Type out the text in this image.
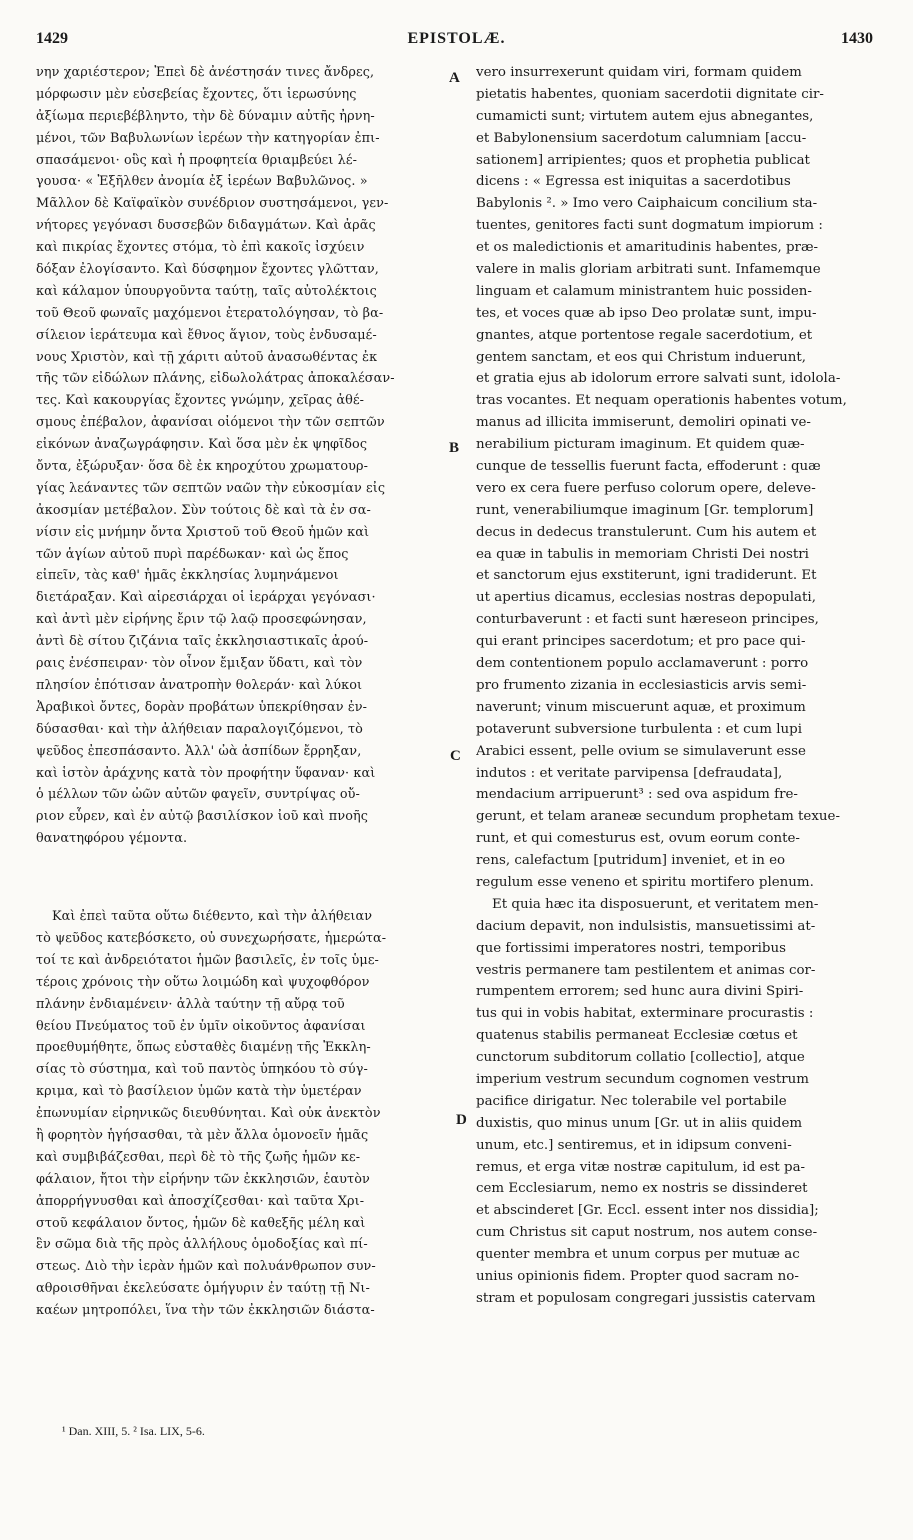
1429	EPISTOLÆ.	1430
A
B
C
D
νην χαριέστερον; Ἐπεὶ δὲ ἀνέστησάν τινες ἄνδρες,
μόρφωσιν μὲν εὐσεβείας ἔχοντες, ὅτι ἱερωσύνης
ἀξίωμα περιεβέβληντο, τὴν δὲ δύναμιν αὐτῆς ἠρνη-
μένοι, τῶν Βαβυλωνίων ἱερέων τὴν κατηγορίαν ἐπι-
σπασάμενοι· οὓς καὶ ἡ προφητεία θριαμβεύει λέ-
γουσα· « Ἐξῆλθεν ἀνομία ἐξ ἱερέων Βαβυλῶνος. »
Μᾶλλον δὲ Καϊφαϊκὸν συνέδριον συστησάμενοι, γεν-
νήτορες γεγόνασι δυσσεβῶν διδαγμάτων. Καὶ ἀρᾶς
καὶ πικρίας ἔχοντες στόμα, τὸ ἐπὶ κακοῖς ἰσχύειν
δόξαν ἐλογίσαντο. Καὶ δύσφημον ἔχοντες γλῶτταν,
καὶ κάλαμον ὑπουργοῦντα ταύτῃ, ταῖς αὐτολέκτοις
τοῦ Θεοῦ φωναῖς μαχόμενοι ἐτερατολόγησαν, τὸ βα-
σίλειον ἱεράτευμα καὶ ἔθνος ἅγιον, τοὺς ἐνδυσαμέ-
νους Χριστὸν, καὶ τῇ χάριτι αὐτοῦ ἀνασωθέντας ἐκ
τῆς τῶν εἰδώλων πλάνης, εἰδωλολάτρας ἀποκαλέσαν-
τες. Καὶ κακουργίας ἔχοντες γνώμην, χεῖρας ἀθέ-
σμους ἐπέβαλον, ἀφανίσαι οἰόμενοι τὴν τῶν σεπτῶν
εἰκόνων ἀναζωγράφησιν. Καὶ ὅσα μὲν ἐκ ψηφῖδος
ὄντα, ἐξώρυξαν· ὅσα δὲ ἐκ κηροχύτου χρωματουρ-
γίας λεάναντες τῶν σεπτῶν ναῶν τὴν εὐκοσμίαν εἰς
ἀκοσμίαν μετέβαλον. Σὺν τούτοις δὲ καὶ τὰ ἐν σα-
νίσιν εἰς μνήμην ὄντα Χριστοῦ τοῦ Θεοῦ ἡμῶν καὶ
τῶν ἁγίων αὐτοῦ πυρὶ παρέδωκαν· καὶ ὡς ἔπος
εἰπεῖν, τὰς καθ' ἡμᾶς ἐκκλησίας λυμηνάμενοι
διετάραξαν. Καὶ αἱρεσιάρχαι οἱ ἱεράρχαι γεγόνασι·
καὶ ἀντὶ μὲν εἰρήνης ἔριν τῷ λαῷ προσεφώνησαν,
ἀντὶ δὲ σίτου ζιζάνια ταῖς ἐκκλησιαστικαῖς ἀρού-
ραις ἐνέσπειραν· τὸν οἶνον ἔμιξαν ὕδατι, καὶ τὸν
πλησίον ἐπότισαν ἀνατροπὴν θολεράν· καὶ λύκοι
Ἀραβικοὶ ὄντες, δορὰν προβάτων ὑπεκρίθησαν ἐν-
δύσασθαι· καὶ τὴν ἀλήθειαν παραλογιζόμενοι, τὸ
ψεῦδος ἐπεσπάσαντο. Ἀλλ' ὠὰ ἀσπίδων ἔρρηξαν,
καὶ ἱστὸν ἀράχνης κατὰ τὸν προφήτην ὕφαναν· καὶ
ὁ μέλλων τῶν ὠῶν αὐτῶν φαγεῖν, συντρίψας οὔ-
ριον εὗρεν, καὶ ἐν αὐτῷ βασιλίσκον ἰοῦ καὶ πνοῆς
θανατηφόρου γέμοντα.
Καὶ ἐπεὶ ταῦτα οὕτω διέθεντο, καὶ τὴν ἀλήθειαν
τὸ ψεῦδος κατεβόσκετο, οὐ συνεχωρήσατε, ἡμερώτα-
τοί τε καὶ ἀνδρειότατοι ἡμῶν βασιλεῖς, ἐν τοῖς ὑμε-
τέροις χρόνοις τὴν οὕτω λοιμώδη καὶ ψυχοφθόρον
πλάνην ἐνδιαμένειν· ἀλλὰ ταύτην τῇ αὔρᾳ τοῦ
θείου Πνεύματος τοῦ ἐν ὑμῖν οἰκοῦντος ἀφανίσαι
προεθυμήθητε, ὅπως εὐσταθὲς διαμένῃ τῆς Ἐκκλη-
σίας τὸ σύστημα, καὶ τοῦ παντὸς ὑπηκόου τὸ σύγ-
κριμα, καὶ τὸ βασίλειον ὑμῶν κατὰ τὴν ὑμετέραν
ἐπωνυμίαν εἰρηνικῶς διευθύνηται. Καὶ οὐκ ἀνεκτὸν
ἢ φορητὸν ἡγήσασθαι, τὰ μὲν ἄλλα ὁμονοεῖν ἡμᾶς
καὶ συμβιβάζεσθαι, περὶ δὲ τὸ τῆς ζωῆς ἡμῶν κε-
φάλαιον, ἤτοι τὴν εἰρήνην τῶν ἐκκλησιῶν, ἑαυτὸν
ἀπορρήγνυσθαι καὶ ἀποσχίζεσθαι· καὶ ταῦτα Χρι-
στοῦ κεφάλαιον ὄντος, ἡμῶν δὲ καθεξῆς μέλη καὶ
ἓν σῶμα διὰ τῆς πρὸς ἀλλήλους ὁμοδοξίας καὶ πί-
στεως. Διὸ τὴν ἱερὰν ἡμῶν καὶ πολυάνθρωπον συν-
αθροισθῆναι ἐκελεύσατε ὁμήγυριν ἐν ταύτῃ τῇ Νι-
καέων μητροπόλει, ἵνα τὴν τῶν ἐκκλησιῶν διάστα-
vero insurrexerunt quidam viri, formam quidem
pietatis habentes, quoniam sacerdotii dignitate cir-
cumamicti sunt; virtutem autem ejus abnegantes,
et Babylonensium sacerdotum calumniam [accu-
sationem] arripientes; quos et prophetia publicat
dicens : « Egressa est iniquitas a sacerdotibus
Babylonis ². » Imo vero Caiphaicum concilium sta-
tuentes, genitores facti sunt dogmatum impiorum :
et os maledictionis et amaritudinis habentes, præ-
valere in malis gloriam arbitrati sunt. Infamemque
linguam et calamum ministrantem huic possiden-
tes, et voces quæ ab ipso Deo prolatæ sunt, impu-
gnantes, atque portentose regale sacerdotium, et
gentem sanctam, et eos qui Christum induerunt,
et gratia ejus ab idolorum errore salvati sunt, idolola-
tras vocantes. Et nequam operationis habentes votum,
manus ad illicita immiserunt, demoliri opinati ve-
nerabilium picturam imaginum. Et quidem quæ-
cunque de tessellis fuerunt facta, effoderunt : quæ
vero ex cera fuere perfuso colorum opere, deleve-
runt, venerabiliumque imaginum [Gr. templorum]
decus in dedecus transtulerunt. Cum his autem et
ea quæ in tabulis in memoriam Christi Dei nostri
et sanctorum ejus exstiterunt, igni tradiderunt. Et
ut apertius dicamus, ecclesias nostras depopulati,
conturbaverunt : et facti sunt hæreseon principes,
qui erant principes sacerdotum; et pro pace qui-
dem contentionem populo acclamaverunt : porro
pro frumento zizania in ecclesiasticis arvis semi-
naverunt; vinum miscuerunt aquæ, et proximum
potaverunt subversione turbulenta : et cum lupi
Arabici essent, pelle ovium se simulaverunt esse
indutos : et veritate parvipensa [defraudata],
mendacium arripuerunt³ : sed ova aspidum fre-
gerunt, et telam araneæ secundum prophetam texue-
runt, et qui comesturus est, ovum eorum conte-
rens, calefactum [putridum] inveniet, et in eo
regulum esse veneno et spiritu mortifero plenum.
Et quia hæc ita disposuerunt, et veritatem men-
dacium depavit, non indulsistis, mansuetissimi at-
que fortissimi imperatores nostri, temporibus
vestris permanere tam pestilentem et animas cor-
rumpentem errorem; sed hunc aura divini Spiri-
tus qui in vobis habitat, exterminare procurastis :
quatenus stabilis permaneat Ecclesiæ cœtus et
cunctorum subditorum collatio [collectio], atque
imperium vestrum secundum cognomen vestrum
pacifice dirigatur. Nec tolerabile vel portabile
duxistis, quo minus unum [Gr. ut in aliis quidem
unum, etc.] sentiremus, et in idipsum conveni-
remus, et erga vitæ nostræ capitulum, id est pa-
cem Ecclesiarum, nemo ex nostris se dissinderet
et abscinderet [Gr. Eccl. essent inter nos dissidia];
cum Christus sit caput nostrum, nos autem conse-
quenter membra et unum corpus per mutuæ ac
unius opinionis fidem. Propter quod sacram no-
stram et populosam congregari jussistis catervam
¹ Dan. XIII, 5. ² Isa. LIX, 5-6.
